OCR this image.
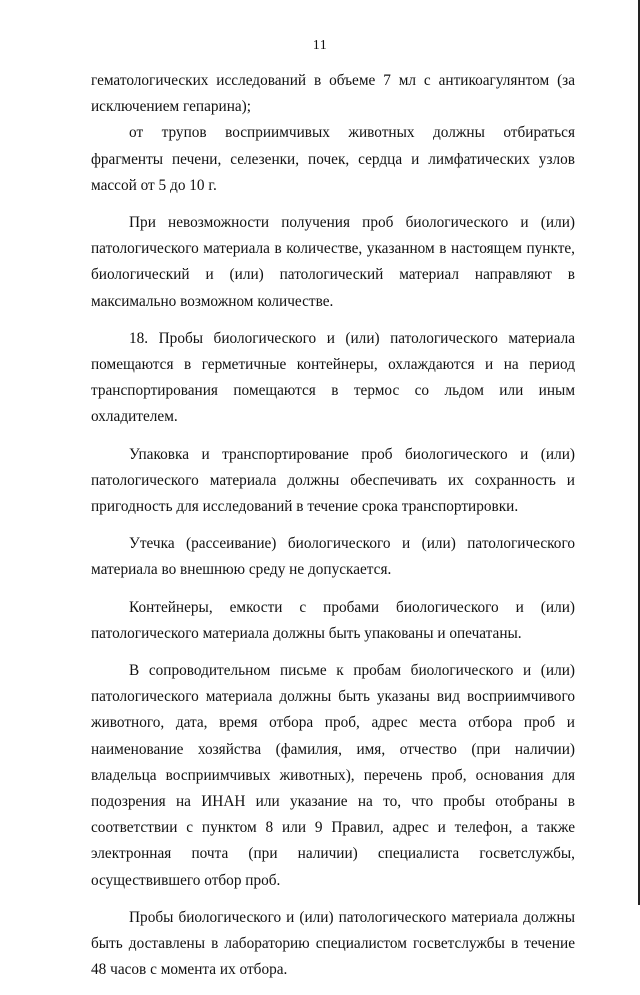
11

гематологических исследований в объеме 7 мл с антикоагулянтом (за исключением гепарина);

от трупов восприимчивых животных должны отбираться фрагменты печени, селезенки, почек, сердца и лимфатических узлов массой от 5 до 10 г.

При невозможности получения проб биологического и (или) патологического материала в количестве, указанном в настоящем пункте, биологический и (или) патологический материал направляют в максимально возможном количестве.

18. Пробы биологического и (или) патологического материала помещаются в герметичные контейнеры, охлаждаются и на период транспортирования помещаются в термос со льдом или иным охладителем.

Упаковка и транспортирование проб биологического и (или) патологического материала должны обеспечивать их сохранность и пригодность для исследований в течение срока транспортировки.

Утечка (рассеивание) биологического и (или) патологического материала во внешнюю среду не допускается.

Контейнеры, емкости с пробами биологического и (или) патологического материала должны быть упакованы и опечатаны.

В сопроводительном письме к пробам биологического и (или) патологического материала должны быть указаны вид восприимчивого животного, дата, время отбора проб, адрес места отбора проб и наименование хозяйства (фамилия, имя, отчество (при наличии) владельца восприимчивых животных), перечень проб, основания для подозрения на ИНАН или указание на то, что пробы отобраны в соответствии с пунктом 8 или 9 Правил, адрес и телефон, а также электронная почта (при наличии) специалиста госветслужбы, осуществившего отбор проб.

Пробы биологического и (или) патологического материала должны быть доставлены в лабораторию специалистом госветслужбы в течение 48 часов с момента их отбора.
